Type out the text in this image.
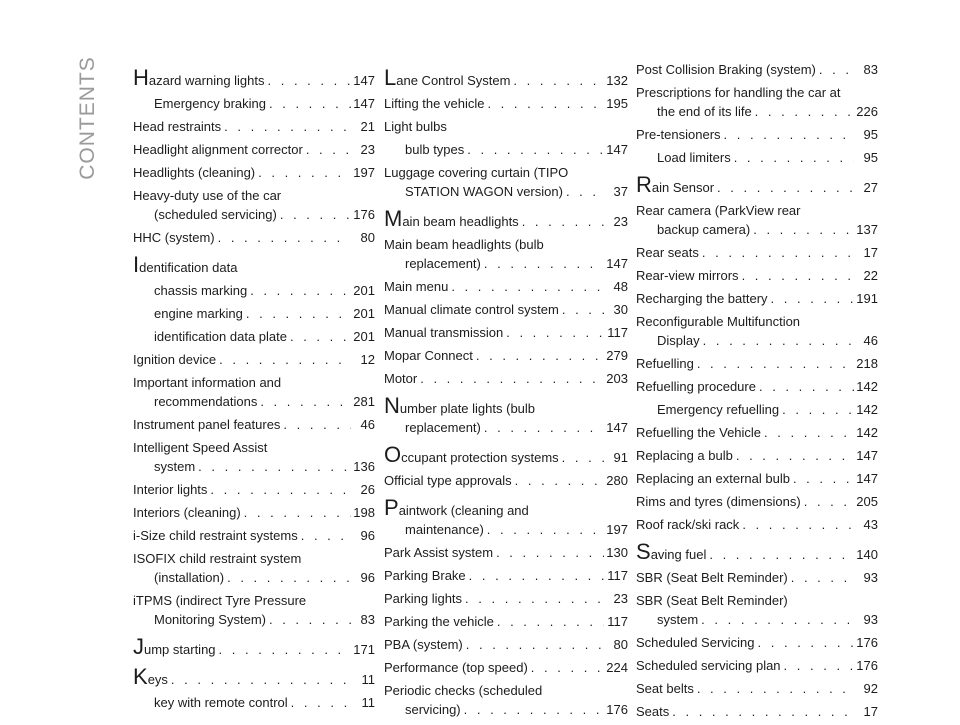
CONTENTS Hazard warning lights . . .	147
Emergency braking . . .	147
Head restraints . . .	21
Headlight alignment corrector . . .	23
Headlights (cleaning) . . .	197
Heavy-duty use of the car
(scheduled servicing) . . .	176
HHC (system) . . .	80
Identification data
chassis marking . . .	201
engine marking . . .	201
identification data plate . . .	201
Ignition device . . .	12
Important information and
recommendations . . .	281
Instrument panel features . . .	46
Intelligent Speed Assist
system . . .	136
Interior lights . . .	26
Interiors (cleaning) . . .	198
i-Size child restraint systems . . .	96
ISOFIX child restraint system
(installation) . . .	96
iTPMS (indirect Tyre Pressure
Monitoring System) . . .	83
Jump starting . . .	171
Keys . . .	11
key with remote control . . .	11
Lane Control System . . .	132
Lifting the vehicle . . .	195
Light bulbs
bulb types . . .	147
Luggage covering curtain (TIPO
STATION WAGON version) . . .	37
Main beam headlights . . .	23
Main beam headlights (bulb
replacement) . . .	147
Main menu . . .	48
Manual climate control system . . .	30
Manual transmission . . .	117
Mopar Connect . . .	279
Motor . . .	203
Number plate lights (bulb
replacement) . . .	147
Occupant protection systems . . .	91
Official type approvals . . .	280
Paintwork (cleaning and
maintenance) . . .	197
Park Assist system . . .	130
Parking Brake . . .	117
Parking lights . . .	23
Parking the vehicle . . .	117
PBA (system) . . .	80
Performance (top speed) . . .	224
Periodic checks (scheduled
servicing) . . .	176
Post Collision Braking (system) . . .	83
Prescriptions for handling the car at
the end of its life . . .	226
Pre-tensioners . . .	95
Load limiters . . .	95
Rain Sensor . . .	27
Rear camera (ParkView rear
backup camera) . . .	137
Rear seats . . .	17
Rear-view mirrors . . .	22
Recharging the battery . . .	191
Reconfigurable Multifunction
Display . . .	46
Refuelling . . .	218
Refuelling procedure . . .	142
Emergency refuelling . . .	142
Refuelling the Vehicle . . .	142
Replacing a bulb . . .	147
Replacing an external bulb . . .	147
Rims and tyres (dimensions) . . .	205
Roof rack/ski rack . . .	43
Saving fuel . . .	140
SBR (Seat Belt Reminder) . . .	93
SBR (Seat Belt Reminder)
system . . .	93
Scheduled Servicing . . .	176
Scheduled servicing plan . . .	176
Seat belts . . .	92
Seats . . .	17
